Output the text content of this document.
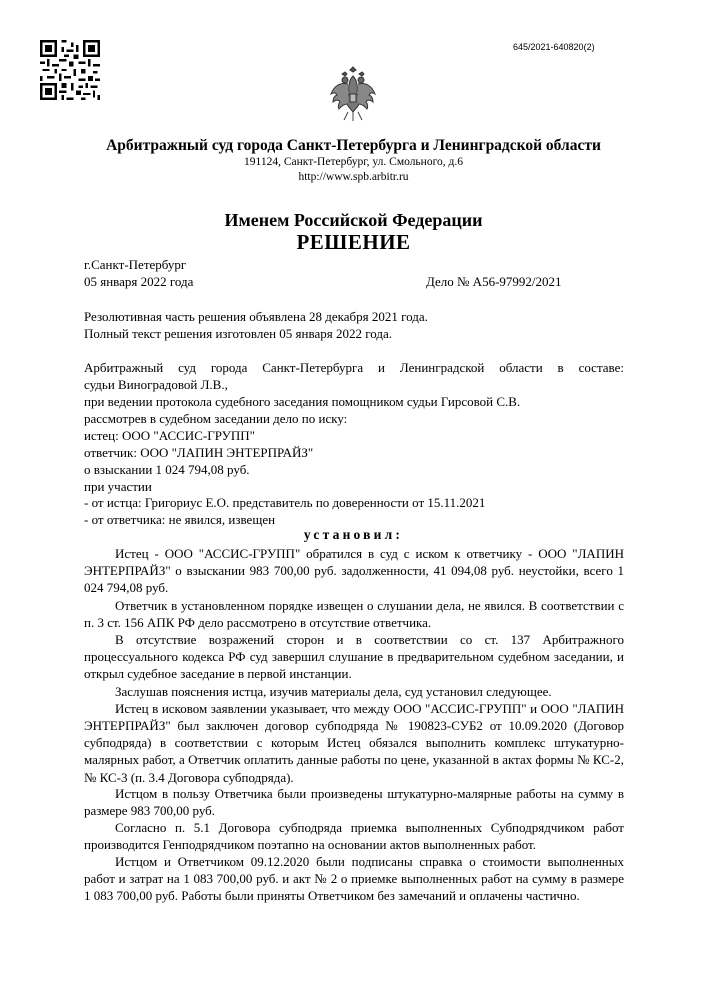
645/2021-640820(2)
Арбитражный суд города Санкт-Петербурга и Ленинградской области
191124, Санкт-Петербург, ул. Смольного, д.6
http://www.spb.arbitr.ru
Именем Российской Федерации
РЕШЕНИЕ
г.Санкт-Петербург
05 января 2022 года	Дело № А56-97992/2021
Резолютивная часть решения объявлена 28 декабря 2021 года.
Полный текст решения изготовлен 05 января 2022 года.
Арбитражный суд города Санкт-Петербурга и Ленинградской области в составе:
судьи Виноградовой Л.В.,
при ведении протокола судебного заседания помощником судьи Гирсовой С.В.
рассмотрев в судебном заседании дело по иску:
истец: ООО "АССИС-ГРУПП"
ответчик: ООО "ЛАПИН ЭНТЕРПРАЙЗ"
о взыскании 1 024 794,08 руб.
при участии
- от истца: Григориус Е.О. представитель по доверенности от 15.11.2021
- от ответчика: не явился, извещен
установил:
Истец - ООО "АССИС-ГРУПП" обратился в суд с иском к ответчику - ООО "ЛАПИН ЭНТЕРПРАЙЗ" о взыскании 983 700,00 руб. задолженности, 41 094,08 руб. неустойки, всего 1 024 794,08 руб.
Ответчик в установленном порядке извещен о слушании дела, не явился. В соответствии с п. 3 ст. 156 АПК РФ дело рассмотрено в отсутствие ответчика.
В отсутствие возражений сторон и в соответствии со ст. 137 Арбитражного процессуального кодекса РФ суд завершил слушание в предварительном судебном заседании, и открыл судебное заседание в первой инстанции.
Заслушав пояснения истца, изучив материалы дела, суд установил следующее.
Истец в исковом заявлении указывает, что между ООО "АССИС-ГРУПП" и ООО "ЛАПИН ЭНТЕРПРАЙЗ" был заключен договор субподряда № 190823-СУБ2 от 10.09.2020 (Договор субподряда) в соответствии с которым Истец обязался выполнить комплекс штукатурно-малярных работ, а Ответчик оплатить данные работы по цене, указанной в актах формы № КС-2, № КС-3 (п. 3.4 Договора субподряда).
Истцом в пользу Ответчика были произведены штукатурно-малярные работы на сумму в размере 983 700,00 руб.
Согласно п. 5.1 Договора субподряда приемка выполненных Субподрядчиком работ производится Генподрядчиком поэтапно на основании актов выполненных работ.
Истцом и Ответчиком 09.12.2020 были подписаны справка о стоимости выполненных работ и затрат на 1 083 700,00 руб. и акт № 2 о приемке выполненных работ на сумму в размере 1 083 700,00 руб. Работы были приняты Ответчиком без замечаний и оплачены частично.
